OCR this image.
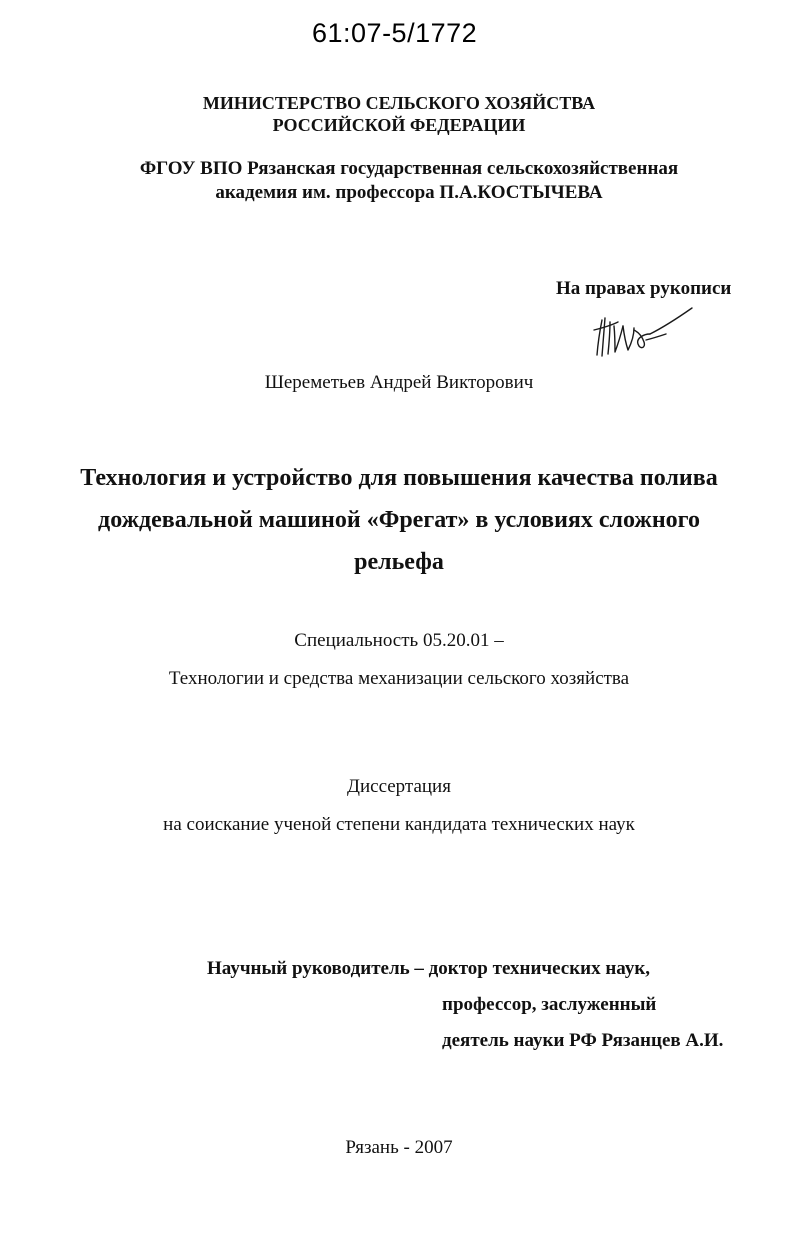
61:07-5/1772
МИНИСТЕРСТВО СЕЛЬСКОГО ХОЗЯЙСТВА
РОССИЙСКОЙ ФЕДЕРАЦИИ
ФГОУ ВПО Рязанская государственная сельскохозяйственная
академия им. профессора П.А.КОСТЫЧЕВА
На правах рукописи
Шереметьев Андрей Викторович
Технология и устройство для повышения качества полива
дождевальной машиной «Фрегат» в условиях сложного
рельефа
Специальность 05.20.01 –
Технологии и средства механизации сельского хозяйства
Диссертация
на соискание ученой степени кандидата технических наук
Научный руководитель – доктор технических наук,
профессор, заслуженный
деятель науки РФ Рязанцев А.И.
Рязань - 2007
